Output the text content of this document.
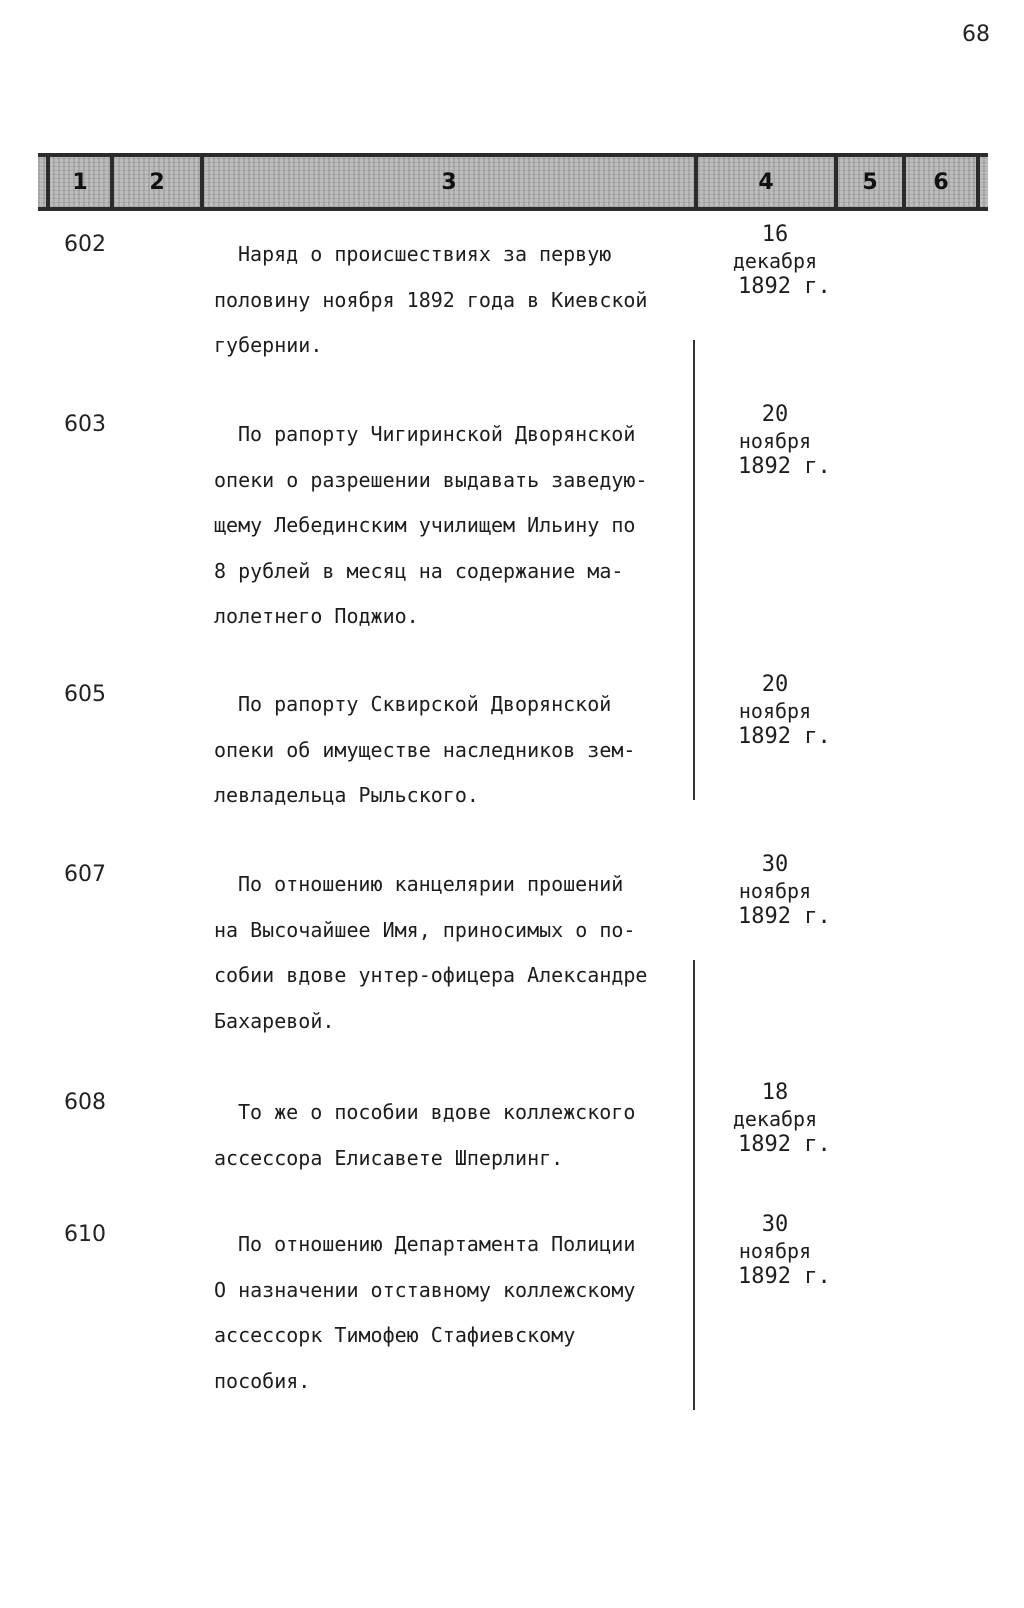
68
1	2	3	4	5	6
602	Наряд о происшествиях за первую
половину ноября 1892 года в Киевской
губернии.
16
декабря
1892 г.
603	По рапорту Чигиринской Дворянской
опеки о разрешении выдавать заведую-
щему Лебединским училищем Ильину по
8 рублей в месяц на содержание ма-
лолетнего Поджио.
20
ноября
1892 г.
605	По рапорту Сквирской Дворянской
опеки об имуществе наследников зем-
левладельца Рыльского.
20
ноября
1892 г.
607	По отношению канцелярии прошений
на Высочайшее Имя, приносимых о по-
собии вдове унтер-офицера Александре
Бахаревой.
30
ноября
1892 г.
608	То же о пособии вдове коллежского
ассессора Елисавете Шперлинг.
18
декабря
1892 г.
610	По отношению Департамента Полиции
О назначении отставному коллежскому
ассессорк Тимофею Стафиевскому
пособия.
30
ноября
1892 г.
